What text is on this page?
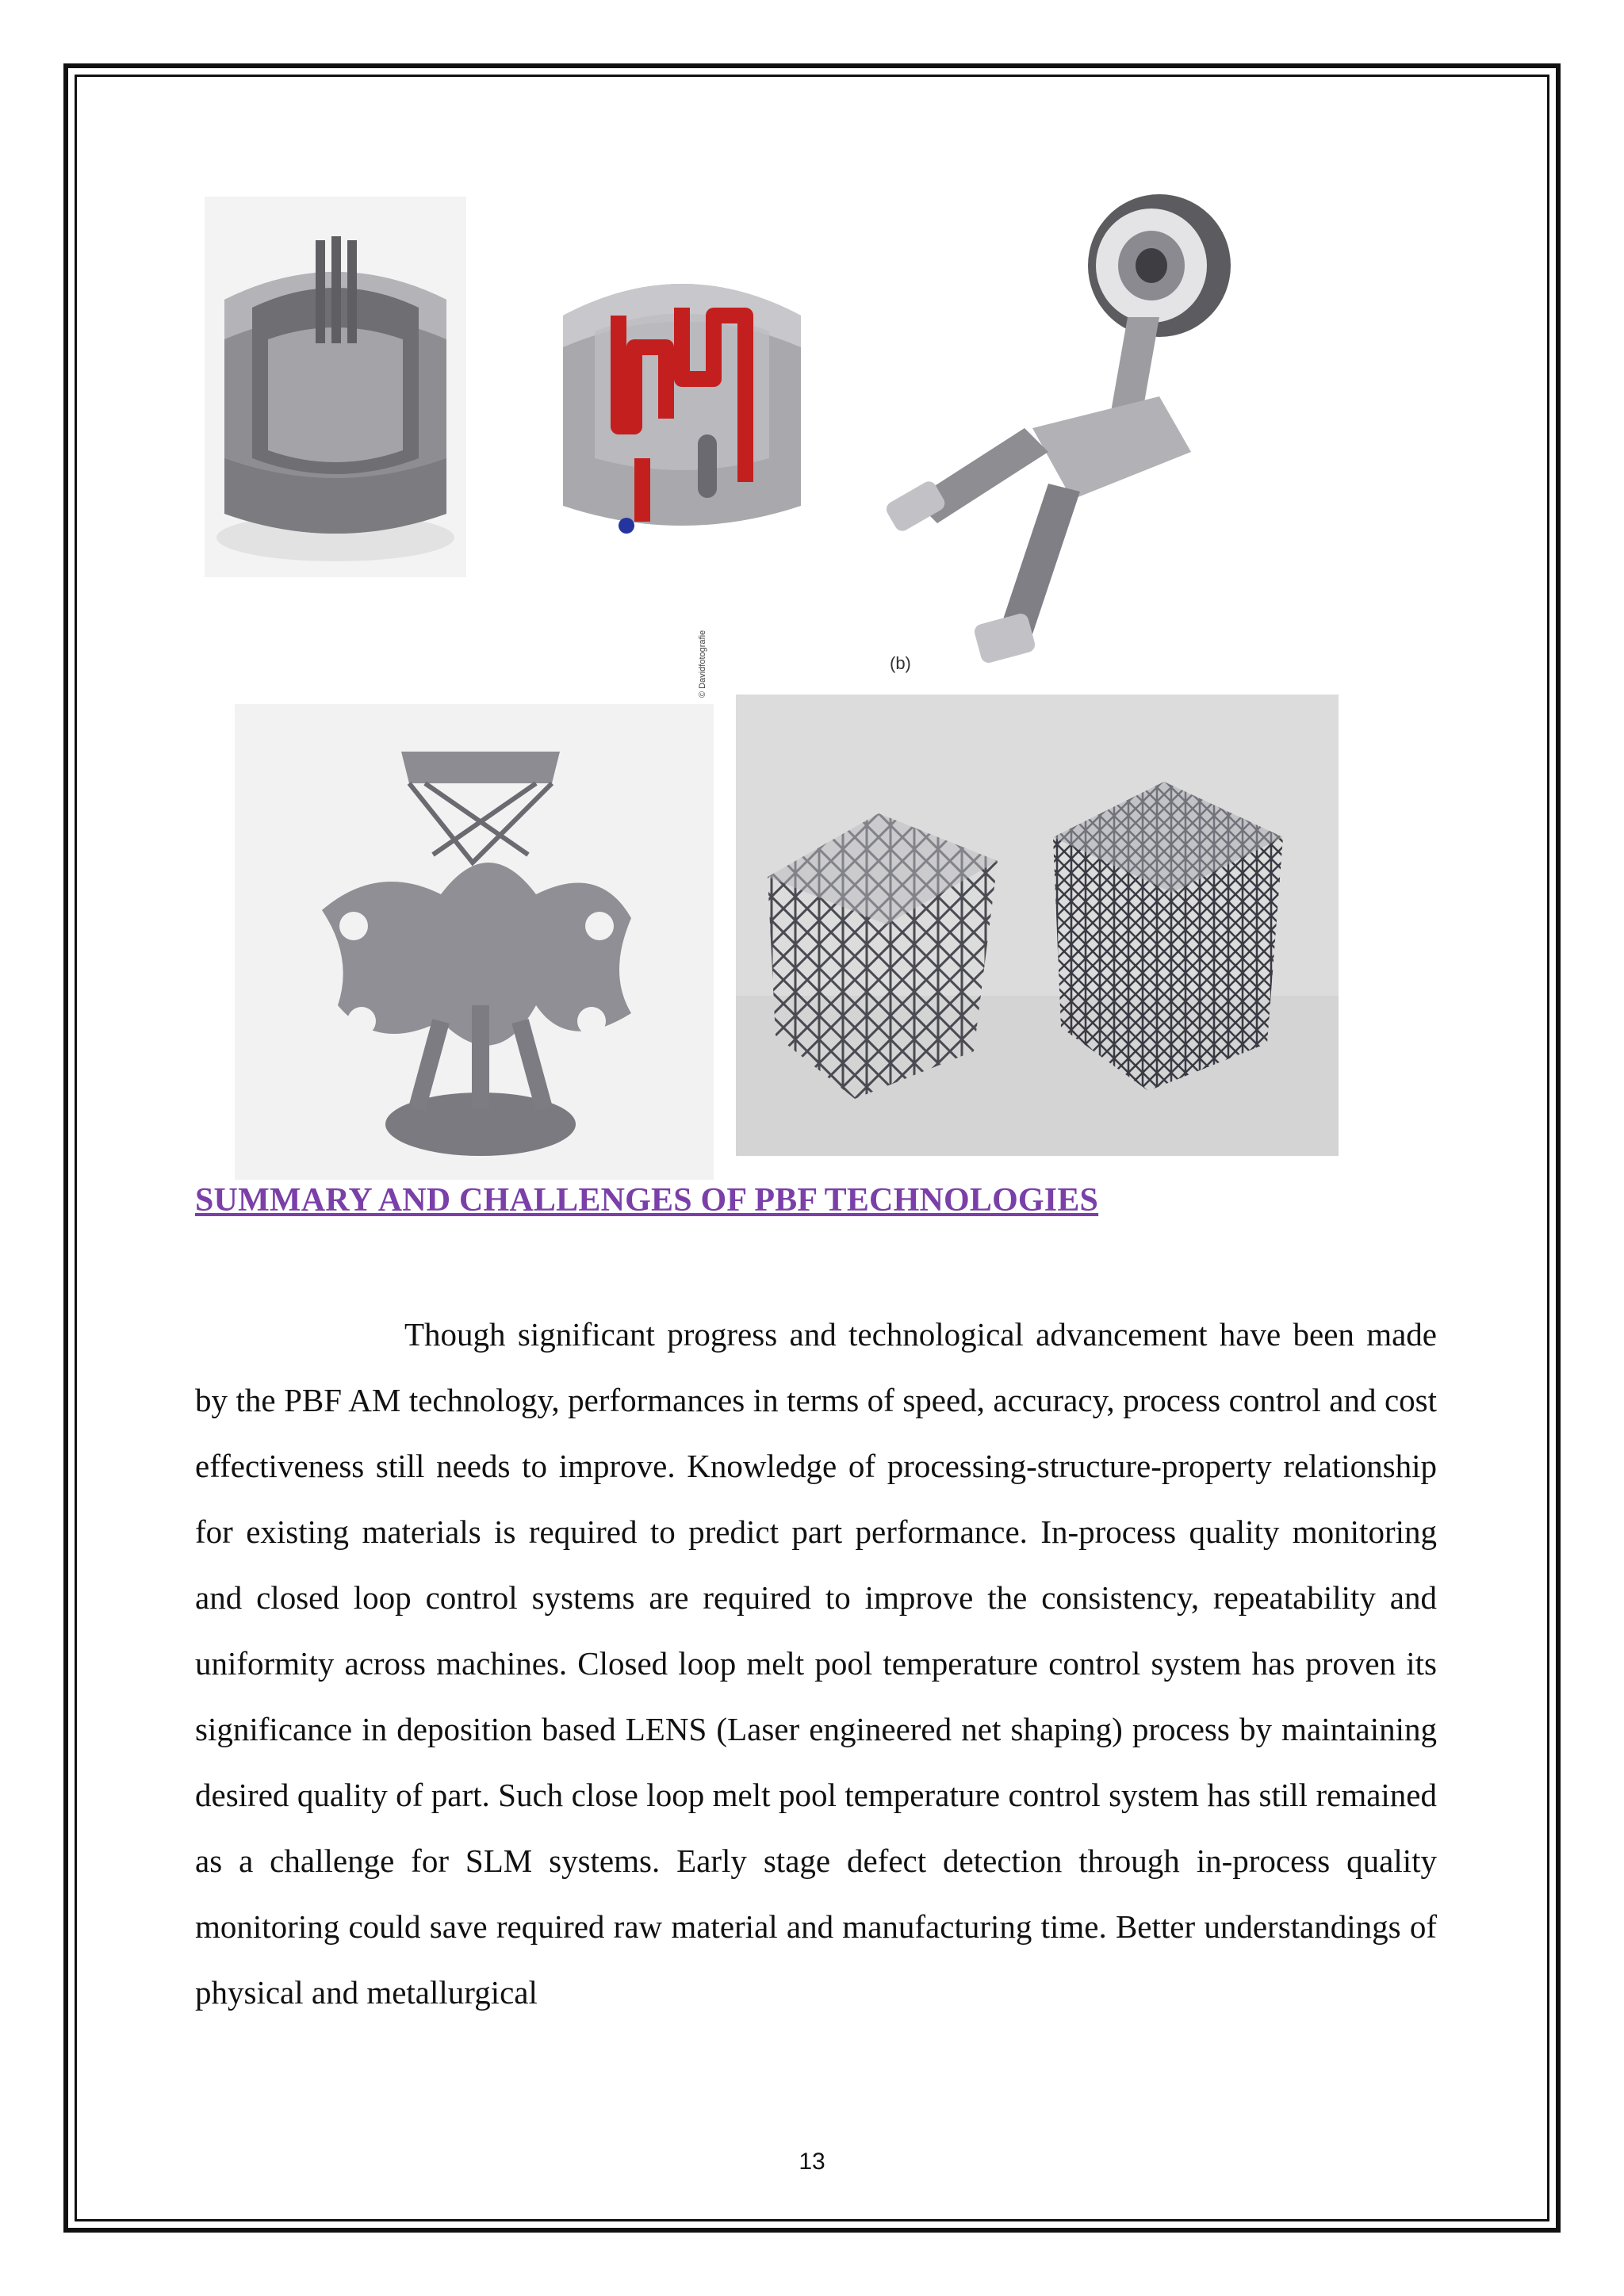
(b)
© Davidfotografie
SUMMARY AND CHALLENGES OF PBF TECHNOLOGIES

Though significant progress and technological advancement have been made by the PBF AM technology, performances in terms of speed, accuracy, process control and cost effectiveness still needs to improve. Knowledge of processing-structure-property relationship for existing materials is required to predict part performance. In-process quality monitoring and closed loop control systems are required to improve the consistency, repeatability and uniformity across machines. Closed loop melt pool temperature control system has proven its significance in deposition based LENS (Laser engineered net shaping) process by maintaining desired quality of part. Such close loop melt pool temperature control system has still remained as a challenge for SLM systems. Early stage defect detection through in-process quality monitoring could save required raw material and manufacturing time. Better understandings of physical and metallurgical

13
